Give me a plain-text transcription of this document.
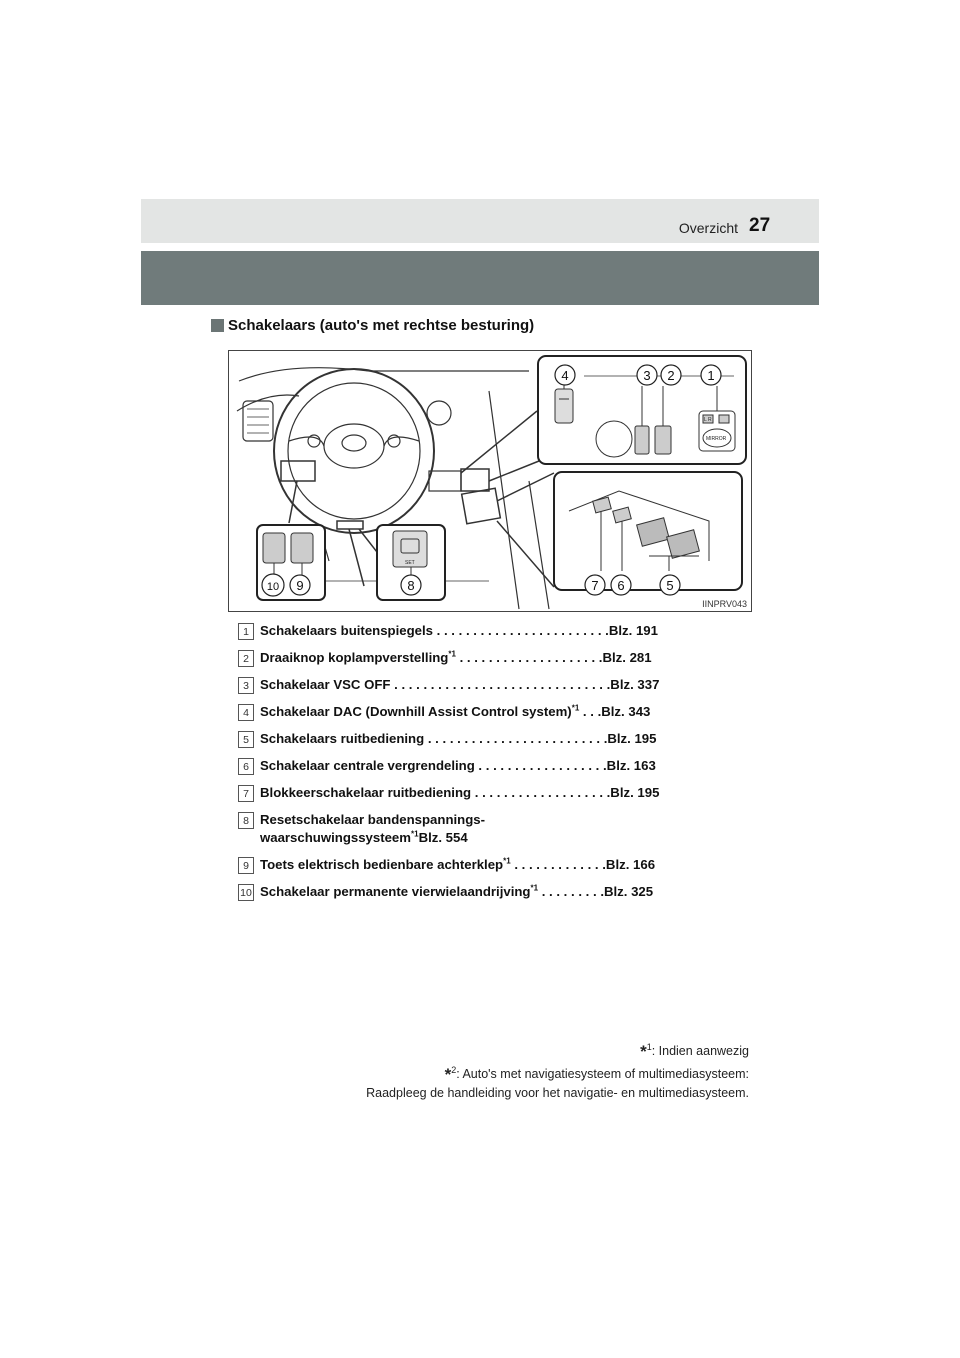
Overzicht 27
Schakelaars (auto's met rechtse besturing)
L R
MIRROR
SET
4	3 2	1
7 6	5
10 9	8
IINPRV043
1 Schakelaars buitenspiegels . . . . . . . . . . . . . . . . . . . . . . . .Blz. 191
2 Draaiknop koplampverstelling$^{*1}$ . . . . . . . . . . . . . . . . . . . .Blz. 281
3 Schakelaar VSC OFF . . . . . . . . . . . . . . . . . . . . . . . . . . . . . .Blz. 337
4 Schakelaar DAC (Downhill Assist Control system)$^{*1}$ . . .Blz. 343
5 Schakelaars ruitbediening . . . . . . . . . . . . . . . . . . . . . . . . .Blz. 195
6 Schakelaar centrale vergrendeling . . . . . . . . . . . . . . . . . .Blz. 163
7 Blokkeerschakelaar ruitbediening . . . . . . . . . . . . . . . . . . .Blz. 195
8 Resetschakelaar bandenspannings-
waarschuwingssysteem$^{*1}$Blz. 554
9 Toets elektrisch bedienbare achterklep$^{*1}$ . . . . . . . . . . . . .Blz. 166
10 Schakelaar permanente vierwielaandrijving$^{*1}$ . . . . . . . . .Blz. 325
*$^1$: Indien aanwezig
*$^2$: Auto's met navigatiesysteem of multimediasysteem:
Raadpleeg de handleiding voor het navigatie- en multimediasysteem.
